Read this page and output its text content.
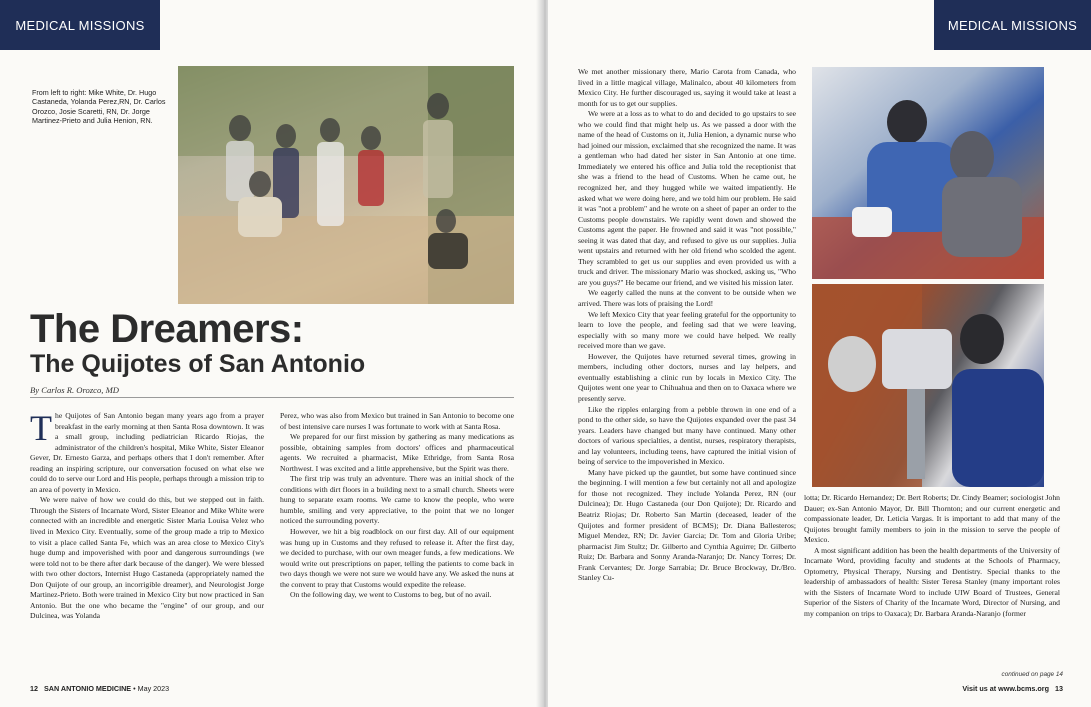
MEDICAL MISSIONS
From left to right: Mike White, Dr. Hugo Castaneda, Yolanda Perez,RN, Dr. Carlos Orozco, Josie Scaretti, RN, Dr. Jorge Martinez-Prieto and Julia Henion, RN.
The Dreamers:
The Quijotes of San Antonio
By Carlos R. Orozco, MD

The Quijotes of San Antonio began many years ago from a prayer breakfast in the early morning at then Santa Rosa downtown. It was a small group, including pediatrician Ricardo Riojas, the administrator of the children's hospital, Mike White, Sister Eleanor Gever, Dr. Ernesto Garza, and perhaps others that I don't remember. After reading an inspiring scripture, our conversation focused on what else we could do to serve our Lord and His people, perhaps through a mission trip to an area of poverty in Mexico.

We were naive of how we could do this, but we stepped out in faith. Through the Sisters of Incarnate Word, Sister Eleanor and Mike White were connected with an incredible and energetic Sister Maria Louisa Velez who lived in Mexico City. Eventually, some of the group made a trip to Mexico to visit a place called Santa Fe, which was an area close to Mexico City's huge dump and impoverished with poor and dangerous surroundings (we were told not to be there after dark because of the danger). We were blessed with two other doctors, Internist Hugo Castaneda (appropriately named the Don Quijote of our group, an incorrigible dreamer), and Neurologist Jorge Martinez-Prieto. Both were trained in Mexico City but now practiced in San Antonio. But the one who became the "engine" of our group, and our Dulcinea, was Yolanda

Perez, who was also from Mexico but trained in San Antonio to become one of best intensive care nurses I was fortunate to work with at Santa Rosa.

We prepared for our first mission by gathering as many medications as possible, obtaining samples from doctors' offices and pharmaceutical agents. We recruited a pharmacist, Mike Ethridge, from Santa Rosa Northwest. I was excited and a little apprehensive, but the Spirit was there.

The first trip was truly an adventure. There was an initial shock of the conditions with dirt floors in a building next to a small church. Sheets were hung to separate exam rooms. We came to know the people, who were humble, smiling and very appreciative, to the point that we no longer noticed the surrounding poverty.

However, we hit a big roadblock on our first day. All of our equipment was hung up in Customs and they refused to release it. After the first day, we decided to purchase, with our own meager funds, a few medications. We would write out prescriptions on paper, telling the patients to come back in two days though we were not sure we would have any. We asked the nuns at the convent to pray that Customs would expedite the release.

On the following day, we went to Customs to beg, but of no avail.

12 SAN ANTONIO MEDICINE • May 2023
MEDICAL MISSIONS

We met another missionary there, Mario Carota from Canada, who lived in a little magical village, Malinalco, about 40 kilometers from Mexico City. He further discouraged us, saying it would take at least a month for us to get our supplies.

We were at a loss as to what to do and decided to go upstairs to see who we could find that might help us. As we passed a door with the name of the head of Customs on it, Julia Henion, a dynamic nurse who had joined our mission, exclaimed that she recognized the name. It was a gentleman who had dated her sister in San Antonio at one time. Immediately we entered his office and Julia told the receptionist that she was a friend to the head of Customs. When he came out, he recognized her, and they hugged while we waited impatiently. He asked what we were doing here, and we told him our problem. He said it was "not a problem" and he wrote on a sheet of paper an order to the Customs people downstairs. We rapidly went down and showed the Customs agent the paper. He frowned and said it was "not possible," seeing it was dated that day, and refused to give us our supplies. Julia went upstairs and returned with her old friend who scolded the agent. They scrambled to get us our supplies and even provided us with a truck and driver. The missionary Mario was shocked, asking us, "Who are you guys?" He became our friend, and we visited his mission later.

We eagerly called the nuns at the convent to be outside when we arrived. There was lots of praising the Lord!

We left Mexico City that year feeling grateful for the opportunity to learn to love the people, and feeling sad that we were leaving, especially with so many more we could have helped. We really received more than we gave.

However, the Quijotes have returned several times, growing in members, including other doctors, nurses and lay helpers, and eventually establishing a clinic run by locals in Mexico City. The Quijotes went one year to Chihuahua and then on to Oaxaca where we presently serve.

Like the ripples enlarging from a pebble thrown in one end of a pond to the other side, so have the Quijotes expanded over the past 34 years. Leaders have changed but many have continued. Many other doctors of various specialties, a dentist, nurses, respiratory therapists, and lay volunteers, including teens, have captured the initial vision of being of service to the impoverished in Mexico.

Many have picked up the gauntlet, but some have continued since the beginning. I will mention a few but certainly not all and apologize for those not recognized. They include Yolanda Perez, RN (our Dulcinea); Dr. Hugo Castaneda (our Don Quijote); Dr. Ricardo and Beatriz Riojas; Dr. Roberto San Martin (deceased, leader of the Quijotes and former president of BCMS); Dr. Diana Ballesteros; Miguel Mendez, RN; Dr. Javier Garcia; Dr. Tom and Gloria Uribe; pharmacist Jim Stultz; Dr. Gilberto and Cynthia Aguirre; Dr. Gilberto Ruiz; Dr. Barbara and Sonny Aranda-Naranjo; Dr. Nancy Torres; Dr. Frank Cervantes; Dr. Jorge Sarrabia; Dr. Bruce Brockway, Dr./Bro. Stanley Cu-

lotta; Dr. Ricardo Hernandez; Dr. Bert Roberts; Dr. Cindy Beamer; sociologist John Dauer; ex-San Antonio Mayor, Dr. Bill Thornton; and our current energetic and compassionate leader, Dr. Leticia Vargas. It is important to add that many of the Quijotes brought family members to join in the mission to serve the people of Mexico.

A most significant addition has been the health departments of the University of Incarnate Word, providing faculty and students at the Schools of Pharmacy, Optometry, Physical Therapy, Nursing and Dentistry. Special thanks to the leadership of ambassadors of health: Sister Teresa Stanley (many important roles with the Sisters of Incarnate Word to include UIW Board of Trustees, General Superior of the Sisters of Charity of the Incarnate Word, Director of Nursing, and my companion on trips to Oaxaca); Dr. Barbara Aranda-Naranjo (former

continued on page 14
Visit us at www.bcms.org 13
